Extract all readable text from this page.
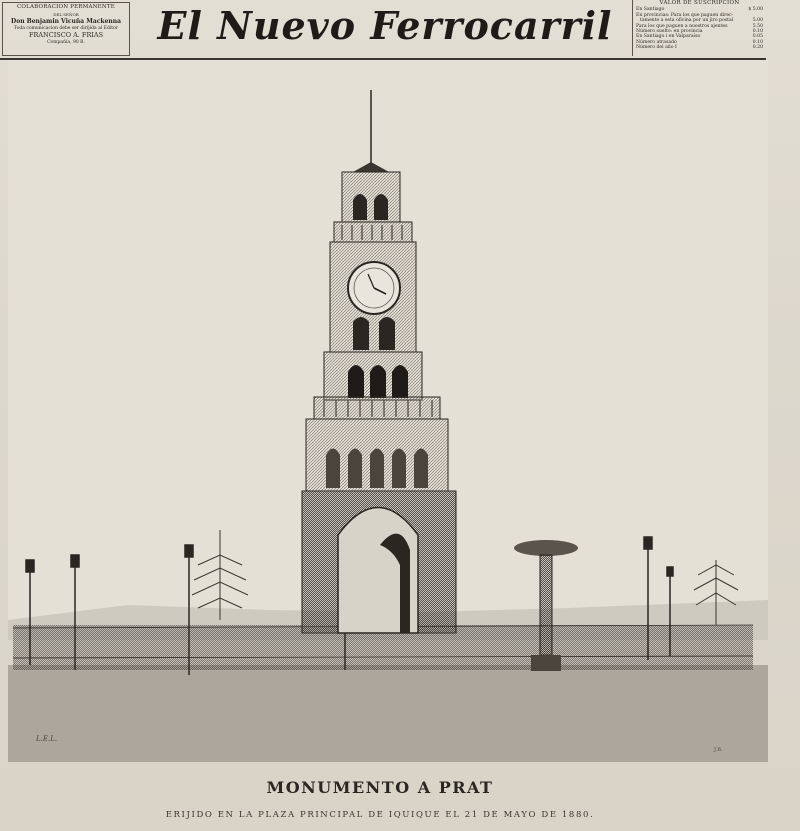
COLABORACION PERMANENTE
DEL SEÑOR
Don Benjamin Vicuña Mackenna
Toda comunicacion debe ser dirijida al Editor
FRANCISCO A. FRIAS
Compañía, 90 B.	El Nuevo Ferrocarril	VALOR DE SUSCRIPCION
En Santiago	$ 5.00
En provincias: Para los que paguen direc-
tamente a esta oficina por un jiro postal	5.00
Para los que paguen a nuestros ajentes	5.50
Número suelto: en provincia	0.10
En Santiago i en Valparaíso	0.05
Número atrasado	0.10
Número del año I	0.20
L.E.L.
J.B.
MONUMENTO A PRAT
ERIJIDO EN LA PLAZA PRINCIPAL DE IQUIQUE EL 21 DE MAYO DE 1880.
